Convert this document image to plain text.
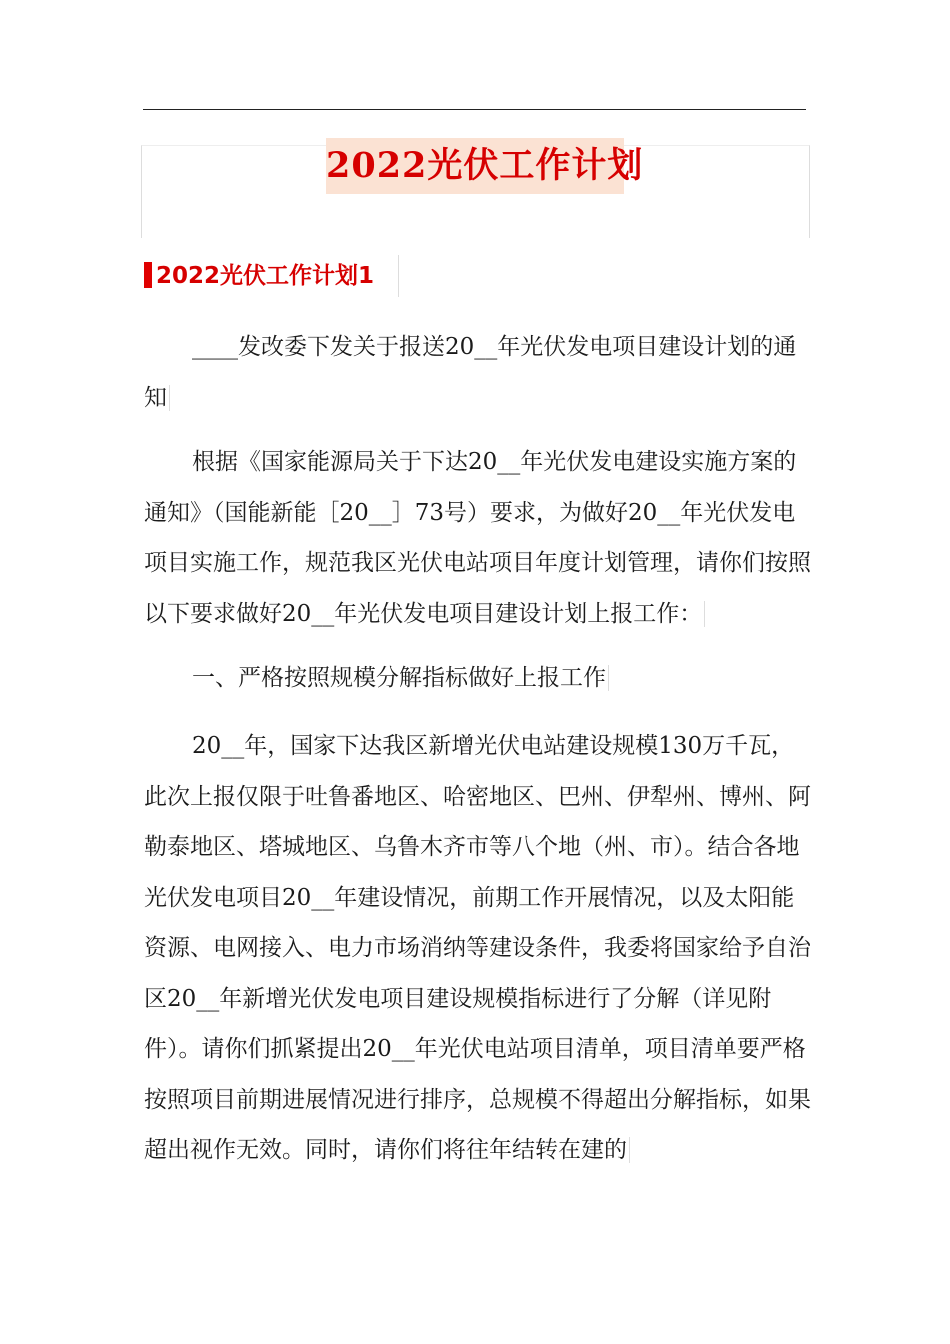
2022光伏工作计划
2022光伏工作计划1

____发改委下发关于报送20__年光伏发电项目建设计划的通知

根据《国家能源局关于下达20__年光伏发电建设实施方案的通知》（国能新能［20__］73号）要求，为做好20__年光伏发电项目实施工作，规范我区光伏电站项目年度计划管理，请你们按照以下要求做好20__年光伏发电项目建设计划上报工作：

一、严格按照规模分解指标做好上报工作

20__年，国家下达我区新增光伏电站建设规模130万千瓦，此次上报仅限于吐鲁番地区、哈密地区、巴州、伊犁州、博州、阿勒泰地区、塔城地区、乌鲁木齐市等八个地（州、市）。结合各地光伏发电项目20__年建设情况，前期工作开展情况，以及太阳能资源、电网接入、电力市场消纳等建设条件，我委将国家给予自治区20__年新增光伏发电项目建设规模指标进行了分解（详见附件）。请你们抓紧提出20__年光伏电站项目清单，项目清单要严格按照项目前期进展情况进行排序，总规模不得超出分解指标，如果超出视作无效。同时，请你们将往年结转在建的
